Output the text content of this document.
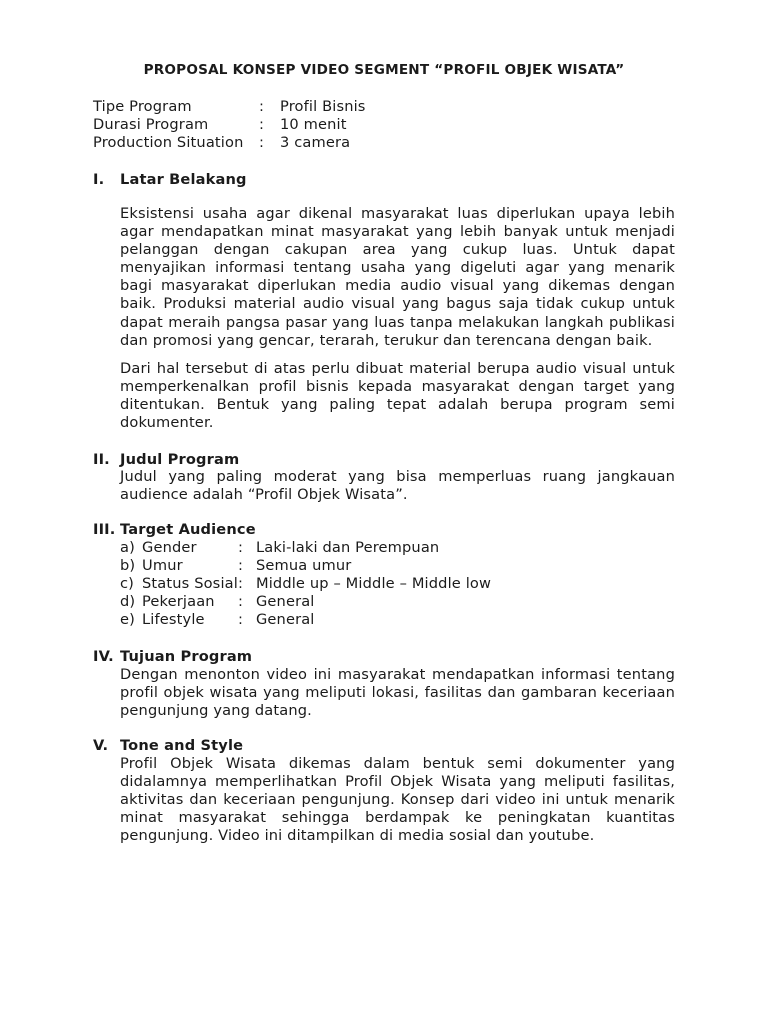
PROPOSAL KONSEP VIDEO SEGMENT “PROFIL OBJEK WISATA”
Tipe Program	:	Profil Bisnis
Durasi Program	:	10 menit
Production Situation	:	3 camera
I. Latar Belakang
Eksistensi usaha agar dikenal masyarakat luas diperlukan upaya lebih agar mendapatkan minat masyarakat yang lebih banyak untuk menjadi pelanggan dengan cakupan area yang cukup luas. Untuk dapat menyajikan informasi tentang usaha yang digeluti agar yang menarik bagi masyarakat diperlukan media audio visual yang dikemas dengan baik. Produksi material audio visual yang bagus saja tidak cukup untuk dapat meraih pangsa pasar yang luas tanpa melakukan langkah publikasi dan promosi yang gencar, terarah, terukur dan terencana dengan baik.
Dari hal tersebut di atas perlu dibuat material berupa audio visual untuk memperkenalkan profil bisnis kepada masyarakat dengan target yang ditentukan. Bentuk yang paling tepat adalah berupa program semi dokumenter.
II. Judul Program
Judul yang paling moderat yang bisa memperluas ruang jangkauan audience adalah “Profil Objek Wisata”.
III. Target Audience
a)	Gender	:	Laki-laki dan Perempuan
b)	Umur	:	Semua umur
c)	Status Sosial	:	Middle up – Middle – Middle low
d)	Pekerjaan	:	General
e)	Lifestyle	:	General
IV. Tujuan Program
Dengan menonton video ini masyarakat mendapatkan informasi tentang profil objek wisata yang meliputi lokasi, fasilitas dan gambaran keceriaan pengunjung yang datang.
V. Tone and Style
Profil Objek Wisata dikemas dalam bentuk semi dokumenter yang didalamnya memperlihatkan Profil Objek Wisata yang meliputi fasilitas, aktivitas dan keceriaan pengunjung. Konsep dari video ini untuk menarik minat masyarakat sehingga berdampak ke peningkatan kuantitas pengunjung. Video ini ditampilkan di media sosial dan youtube.
